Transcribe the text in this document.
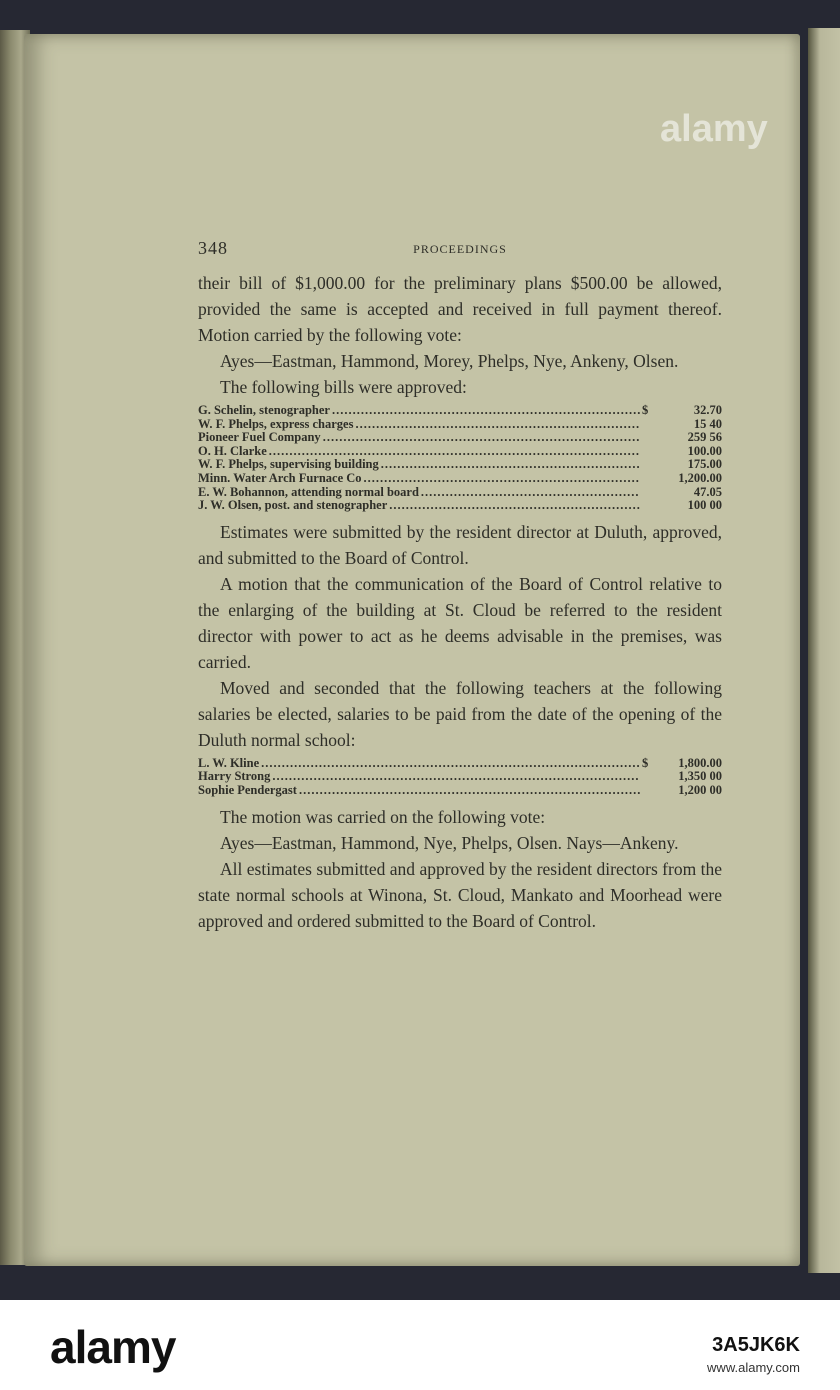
alamy
348	PROCEEDINGS

their bill of $1,000.00 for the preliminary plans $500.00 be allowed, provided the same is accepted and received in full payment thereof. Motion carried by the following vote:

Ayes—Eastman, Hammond, Morey, Phelps, Nye, Ankeny, Olsen.

The following bills were approved:

G. Schelin, stenographer .....	$	32.70
W. F. Phelps, express charges .....	15 40
Pioneer Fuel Company .....	259 56
O. H. Clarke .....	100.00
W. F. Phelps, supervising building .....	175.00
Minn. Water Arch Furnace Co .....	1,200.00
E. W. Bohannon, attending normal board .....	47.05
J. W. Olsen, post. and stenographer .....	100 00

Estimates were submitted by the resident director at Duluth, approved, and submitted to the Board of Control.

A motion that the communication of the Board of Control relative to the enlarging of the building at St. Cloud be referred to the resident director with power to act as he deems advisable in the premises, was carried.

Moved and seconded that the following teachers at the following salaries be elected, salaries to be paid from the date of the opening of the Duluth normal school:

L. W. Kline .....	$	1,800.00
Harry Strong .....	1,350 00
Sophie Pendergast .....	1,200 00

The motion was carried on the following vote:

Ayes—Eastman, Hammond, Nye, Phelps, Olsen. Nays—Ankeny.

All estimates submitted and approved by the resident directors from the state normal schools at Winona, St. Cloud, Mankato and Moorhead were approved and ordered submitted to the Board of Control.

alamy	3A5JK6K
www.alamy.com
